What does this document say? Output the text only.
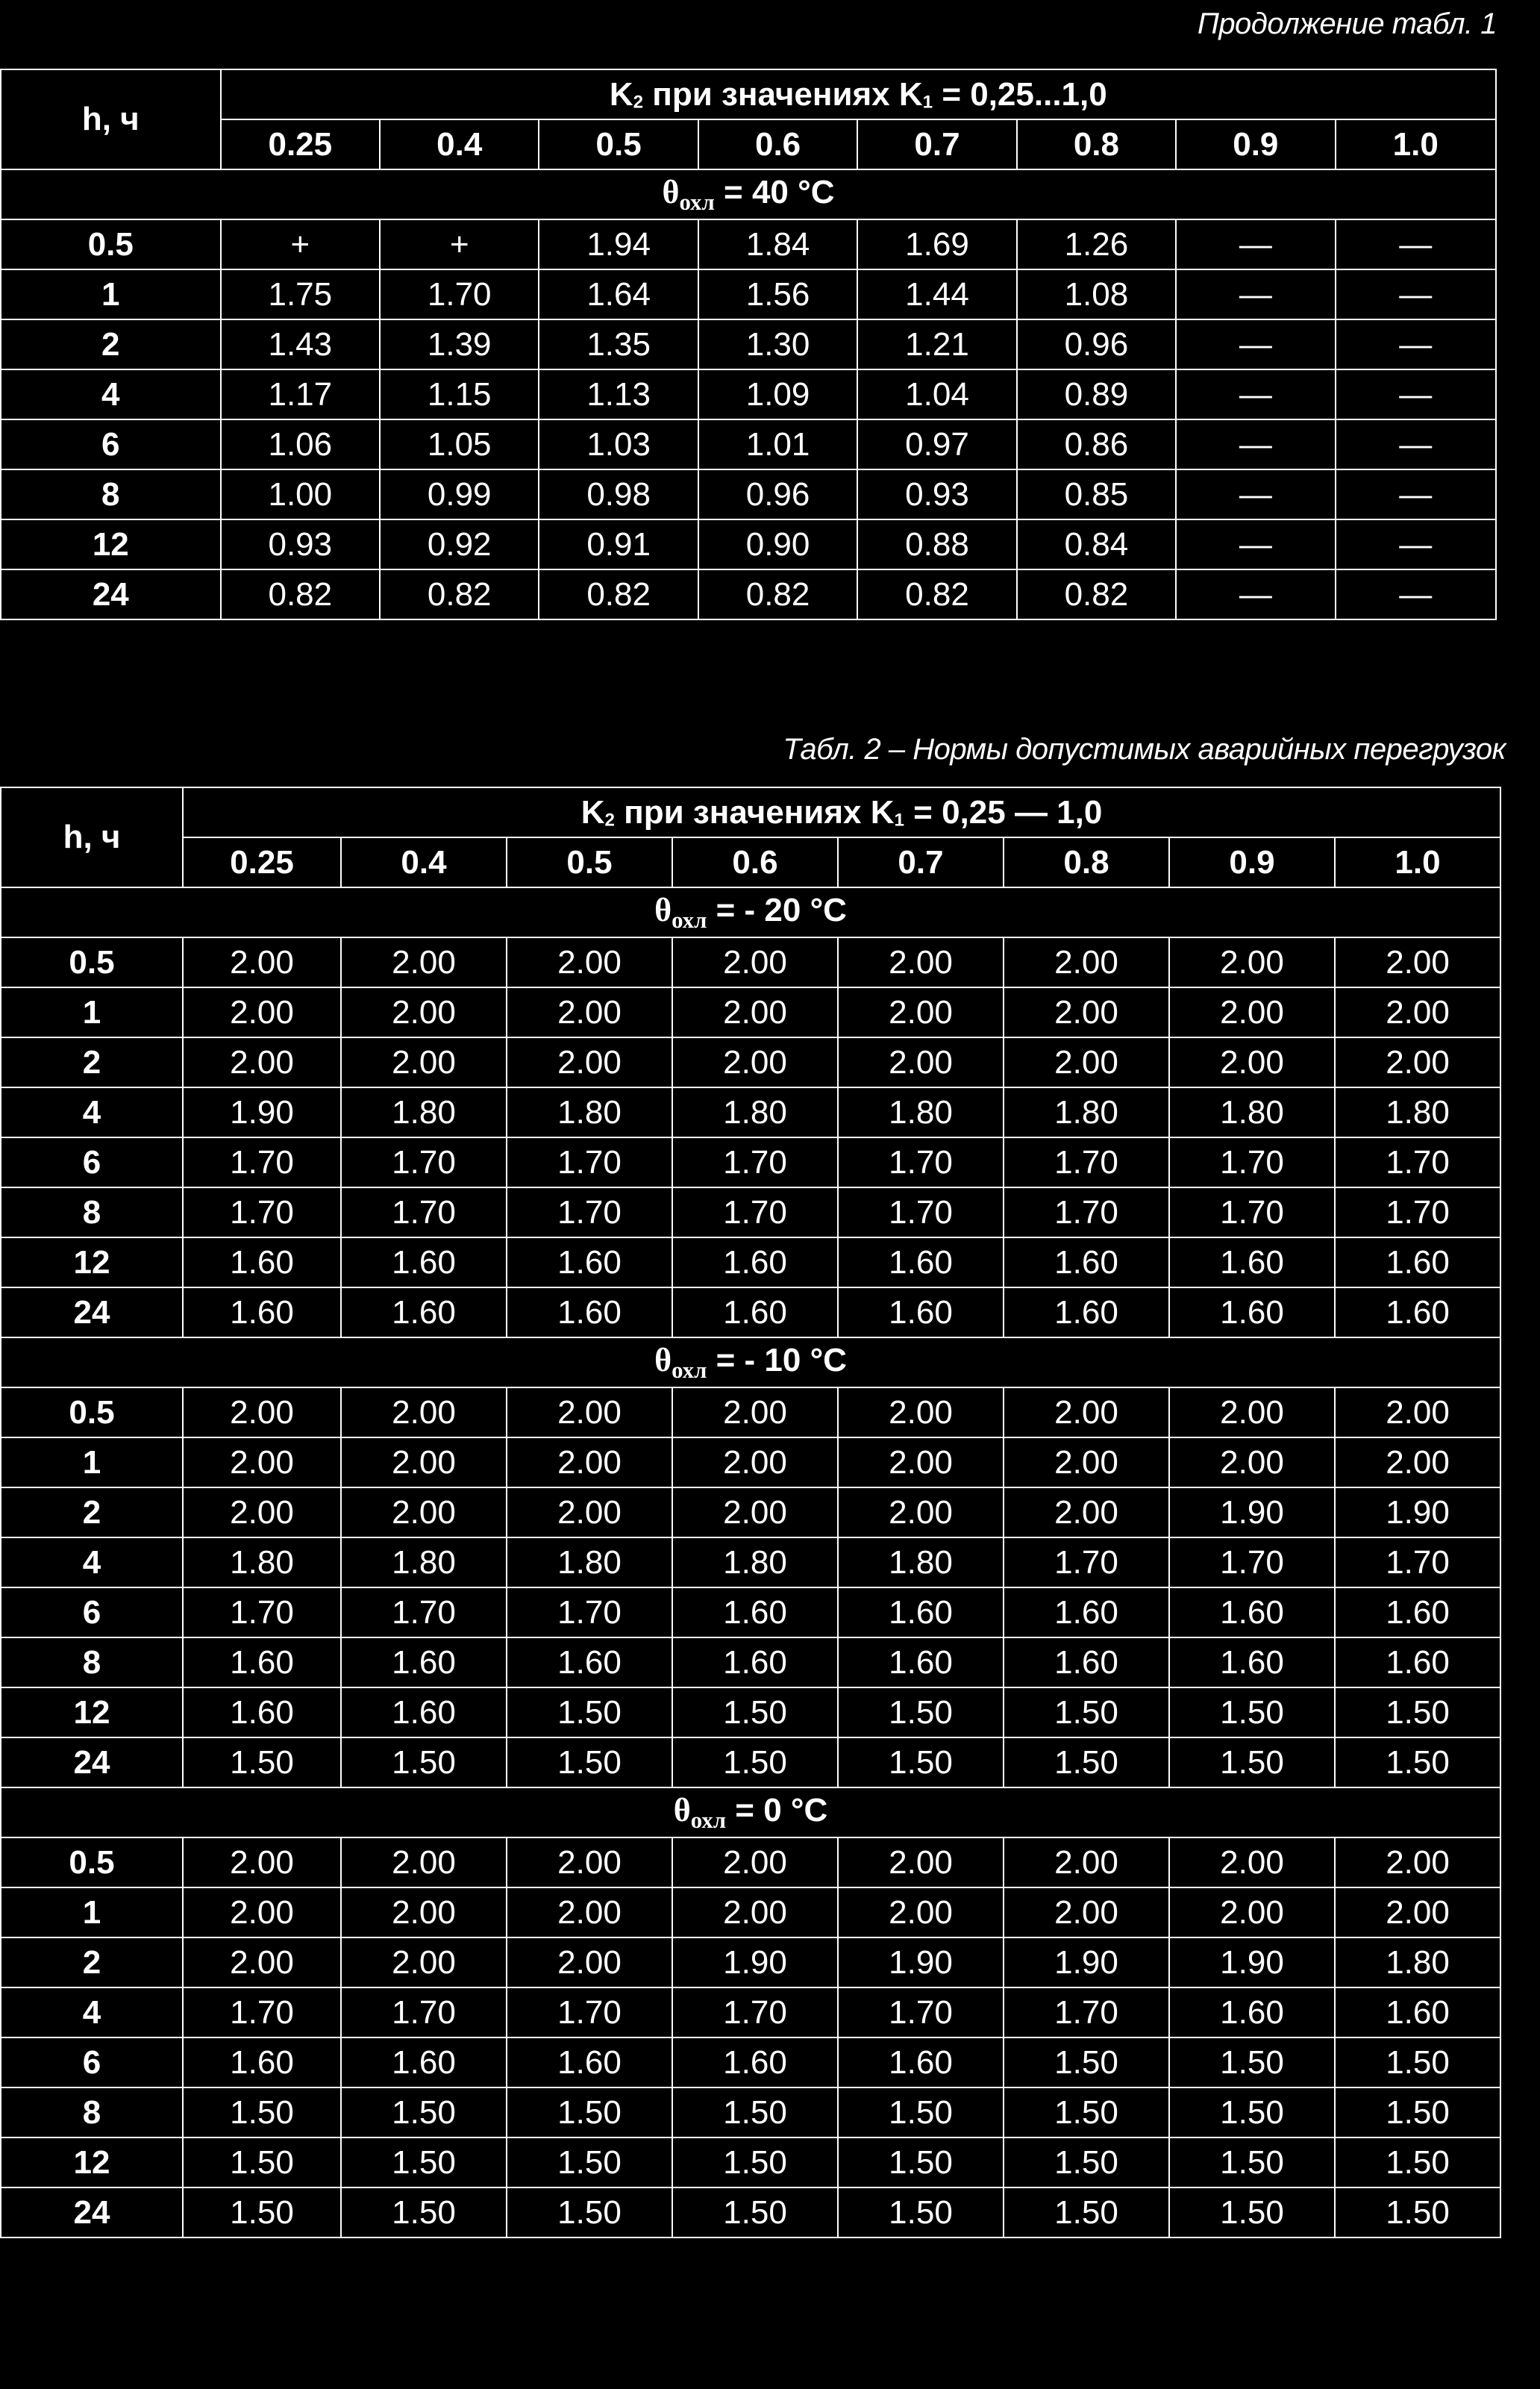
Продолжение табл. 1
h, ч	K2 при значениях K1 = 0,25...1,0							
	0.25	0.4	0.5	0.6	0.7	0.8	0.9	1.0
$\theta_{охл} = 40$ °C								
0.5	+	+	1.94	1.84	1.69	1.26	—	—
1	1.75	1.70	1.64	1.56	1.44	1.08	—	—
2	1.43	1.39	1.35	1.30	1.21	0.96	—	—
4	1.17	1.15	1.13	1.09	1.04	0.89	—	—
6	1.06	1.05	1.03	1.01	0.97	0.86	—	—
8	1.00	0.99	0.98	0.96	0.93	0.85	—	—
12	0.93	0.92	0.91	0.90	0.88	0.84	—	—
24	0.82	0.82	0.82	0.82	0.82	0.82	—	—
Табл. 2 – Нормы допустимых аварийных перегрузок
h, ч	K2 при значениях K1 = 0,25 — 1,0							
	0.25	0.4	0.5	0.6	0.7	0.8	0.9	1.0
$\theta_{охл}$ = - 20 °C								
0.5	2.00	2.00	2.00	2.00	2.00	2.00	2.00	2.00
1	2.00	2.00	2.00	2.00	2.00	2.00	2.00	2.00
2	2.00	2.00	2.00	2.00	2.00	2.00	2.00	2.00
4	1.90	1.80	1.80	1.80	1.80	1.80	1.80	1.80
6	1.70	1.70	1.70	1.70	1.70	1.70	1.70	1.70
8	1.70	1.70	1.70	1.70	1.70	1.70	1.70	1.70
12	1.60	1.60	1.60	1.60	1.60	1.60	1.60	1.60
24	1.60	1.60	1.60	1.60	1.60	1.60	1.60	1.60
$\theta_{охл}$ = - 10 °C								
0.5	2.00	2.00	2.00	2.00	2.00	2.00	2.00	2.00
1	2.00	2.00	2.00	2.00	2.00	2.00	2.00	2.00
2	2.00	2.00	2.00	2.00	2.00	2.00	1.90	1.90
4	1.80	1.80	1.80	1.80	1.80	1.70	1.70	1.70
6	1.70	1.70	1.70	1.60	1.60	1.60	1.60	1.60
8	1.60	1.60	1.60	1.60	1.60	1.60	1.60	1.60
12	1.60	1.60	1.50	1.50	1.50	1.50	1.50	1.50
24	1.50	1.50	1.50	1.50	1.50	1.50	1.50	1.50
$\theta_{охл} = 0$ °C								
0.5	2.00	2.00	2.00	2.00	2.00	2.00	2.00	2.00
1	2.00	2.00	2.00	2.00	2.00	2.00	2.00	2.00
2	2.00	2.00	2.00	1.90	1.90	1.90	1.90	1.80
4	1.70	1.70	1.70	1.70	1.70	1.70	1.60	1.60
6	1.60	1.60	1.60	1.60	1.60	1.50	1.50	1.50
8	1.50	1.50	1.50	1.50	1.50	1.50	1.50	1.50
12	1.50	1.50	1.50	1.50	1.50	1.50	1.50	1.50
24	1.50	1.50	1.50	1.50	1.50	1.50	1.50	1.50
